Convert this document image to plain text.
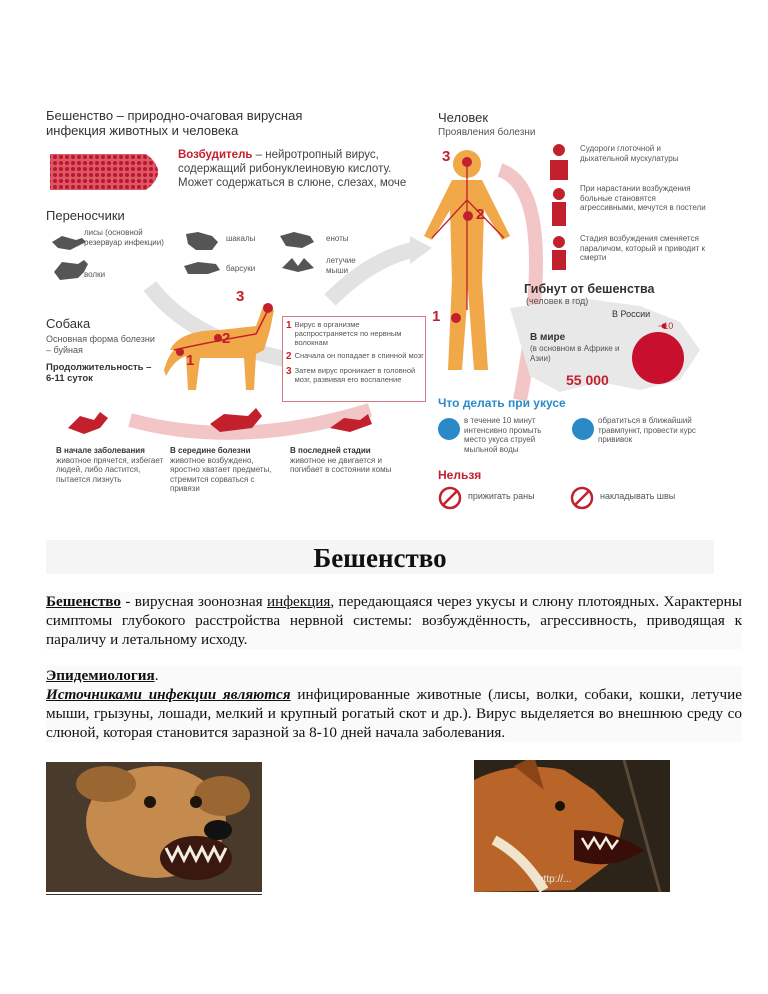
Бешенство – природно-очаговая вирусная
инфекция животных и человека
Возбудитель – нейротропный вирус, содержащий рибонуклеиновую кислоту. Может содержаться в слюне, слезах, моче
Переносчики
лисы (основной резервуар инфекции)
волки
шакалы
барсуки
еноты
летучие мыши
Собака
Основная форма болезни – буйная
Продолжительность –
6-11 суток
3
2
1
1 Вирус в организме распространяется по нервным волокнам
2 Сначала он попадает в спинной мозг
3 Затем вирус проникает в головной мозг, развивая его воспаление
В начале заболевания
животное прячется, избегает людей, либо ластится, пытается лизнуть
В середине болезни
животное возбуждено, яростно хватает предметы, стремится сорваться с привязи
В последней стадии
животное не двигается и погибает в состоянии комы
Человек
Проявления болезни
3
2
1
Судороги глоточной и дыхательной мускулатуры
При нарастании возбуждения больные становятся агрессивными, мечутся в постели
Стадия возбуждения сменяется параличом, который и приводит к смерти
Гибнут от бешенства
(человек в год)
В России
~10
В мире
(в основном в Африке и Азии)
55 000
Что делать при укусе
в течение 10 минут интенсивно промыть место укуса струей мыльной воды
обратиться в ближайший травмпункт, провести курс прививок
Нельзя
прижигать раны	накладывать швы
Бешенство
Бешенство - вирусная зоонозная инфекция, передающаяся через укусы и слюну плотоядных. Характерны симптомы глубокого расстройства нервной системы: возбуждённость, агрессивность, приводящая к параличу и летальному исходу.
Эпидемиология.
Источниками инфекции являются инфицированные животные (лисы, волки, собаки, кошки, летучие мыши, грызуны, лошади, мелкий и крупный рогатый скот и др.). Вирус выделяется во внешнюю среду со слюной, которая становится заразной за 8-10 дней начала заболевания.
http://...
